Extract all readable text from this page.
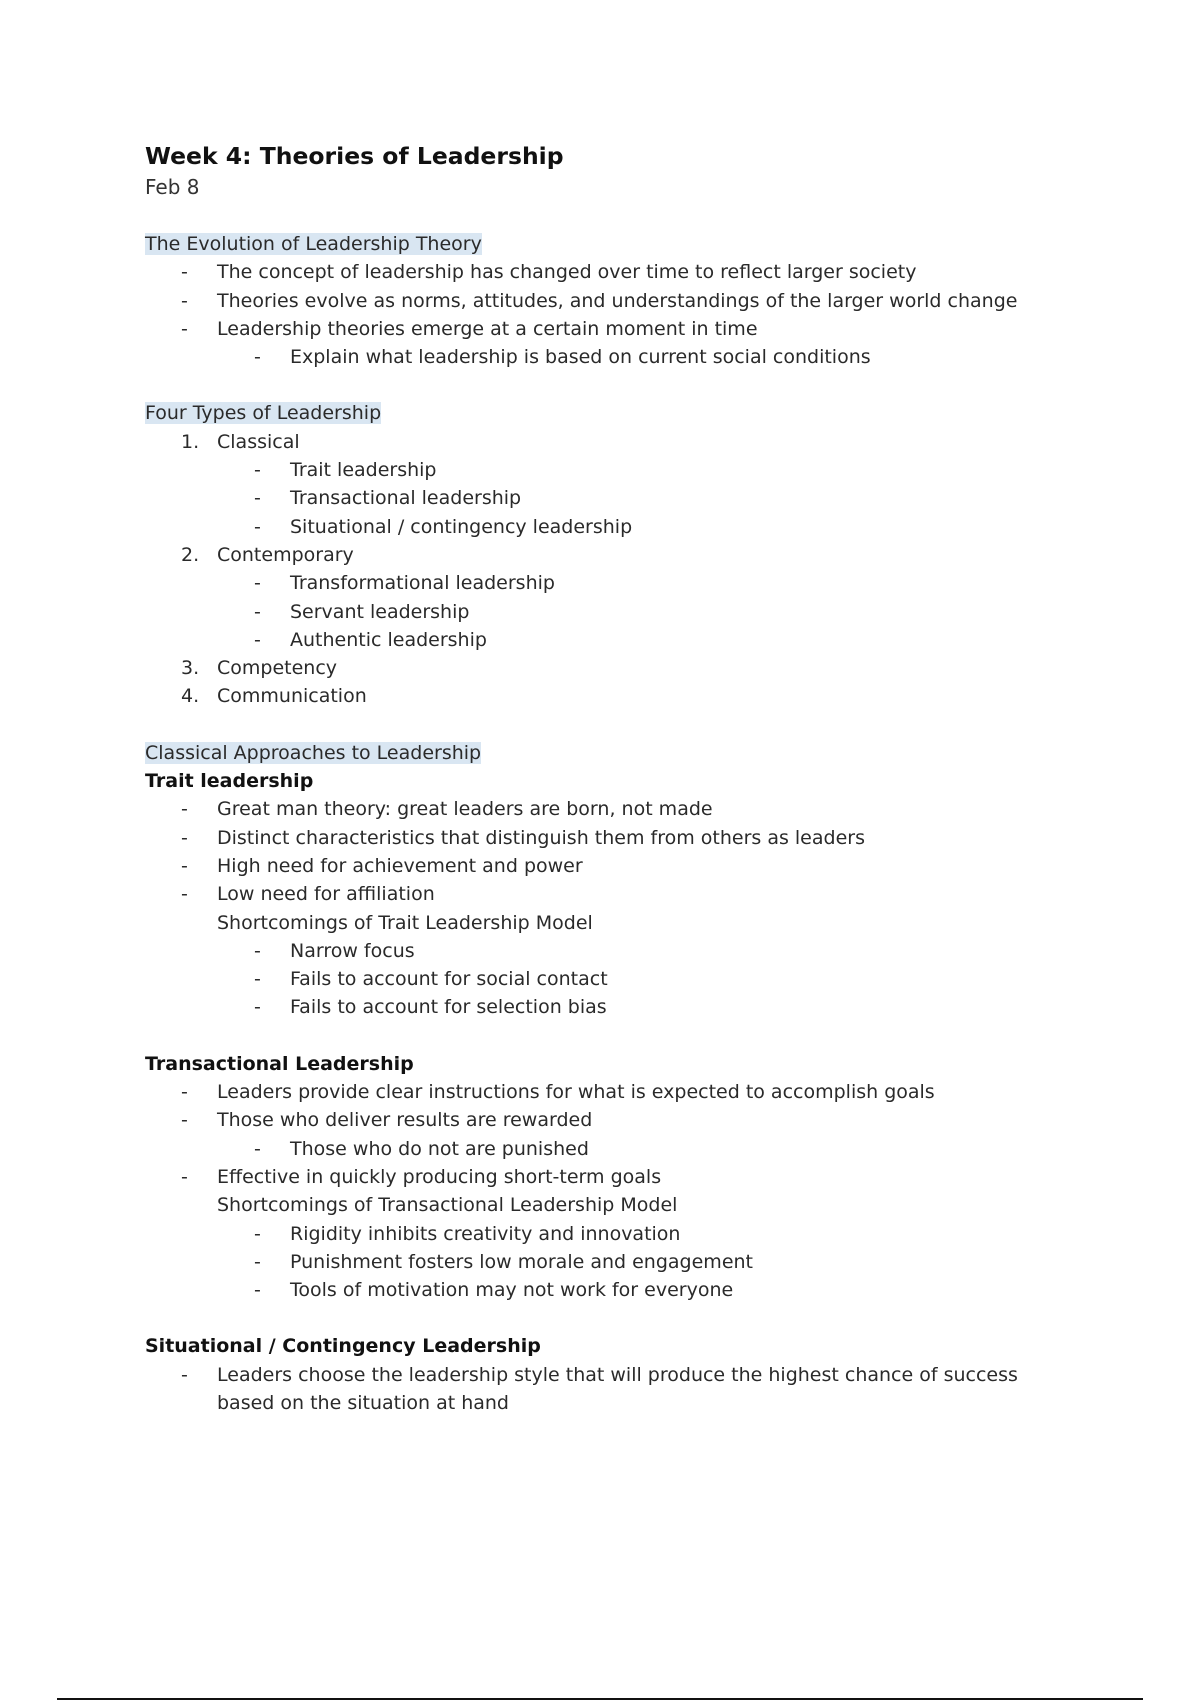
Week 4: Theories of Leadership
Feb 8
The Evolution of Leadership Theory
-	The concept of leadership has changed over time to reflect larger society
-	Theories evolve as norms, attitudes, and understandings of the larger world change
-	Leadership theories emerge at a certain moment in time
-	Explain what leadership is based on current social conditions
Four Types of Leadership
1. Classical
-	Trait leadership
-	Transactional leadership
-	Situational / contingency leadership
2. Contemporary
-	Transformational leadership
-	Servant leadership
-	Authentic leadership
3. Competency
4. Communication
Classical Approaches to Leadership
Trait leadership
-	Great man theory: great leaders are born, not made
-	Distinct characteristics that distinguish them from others as leaders
-	High need for achievement and power
-	Low need for affiliation
Shortcomings of Trait Leadership Model
-	Narrow focus
-	Fails to account for social contact
-	Fails to account for selection bias
Transactional Leadership
-	Leaders provide clear instructions for what is expected to accomplish goals
-	Those who deliver results are rewarded
-	Those who do not are punished
-	Effective in quickly producing short-term goals
Shortcomings of Transactional Leadership Model
-	Rigidity inhibits creativity and innovation
-	Punishment fosters low morale and engagement
-	Tools of motivation may not work for everyone
Situational / Contingency Leadership
-	Leaders choose the leadership style that will produce the highest chance of success based on the situation at hand
